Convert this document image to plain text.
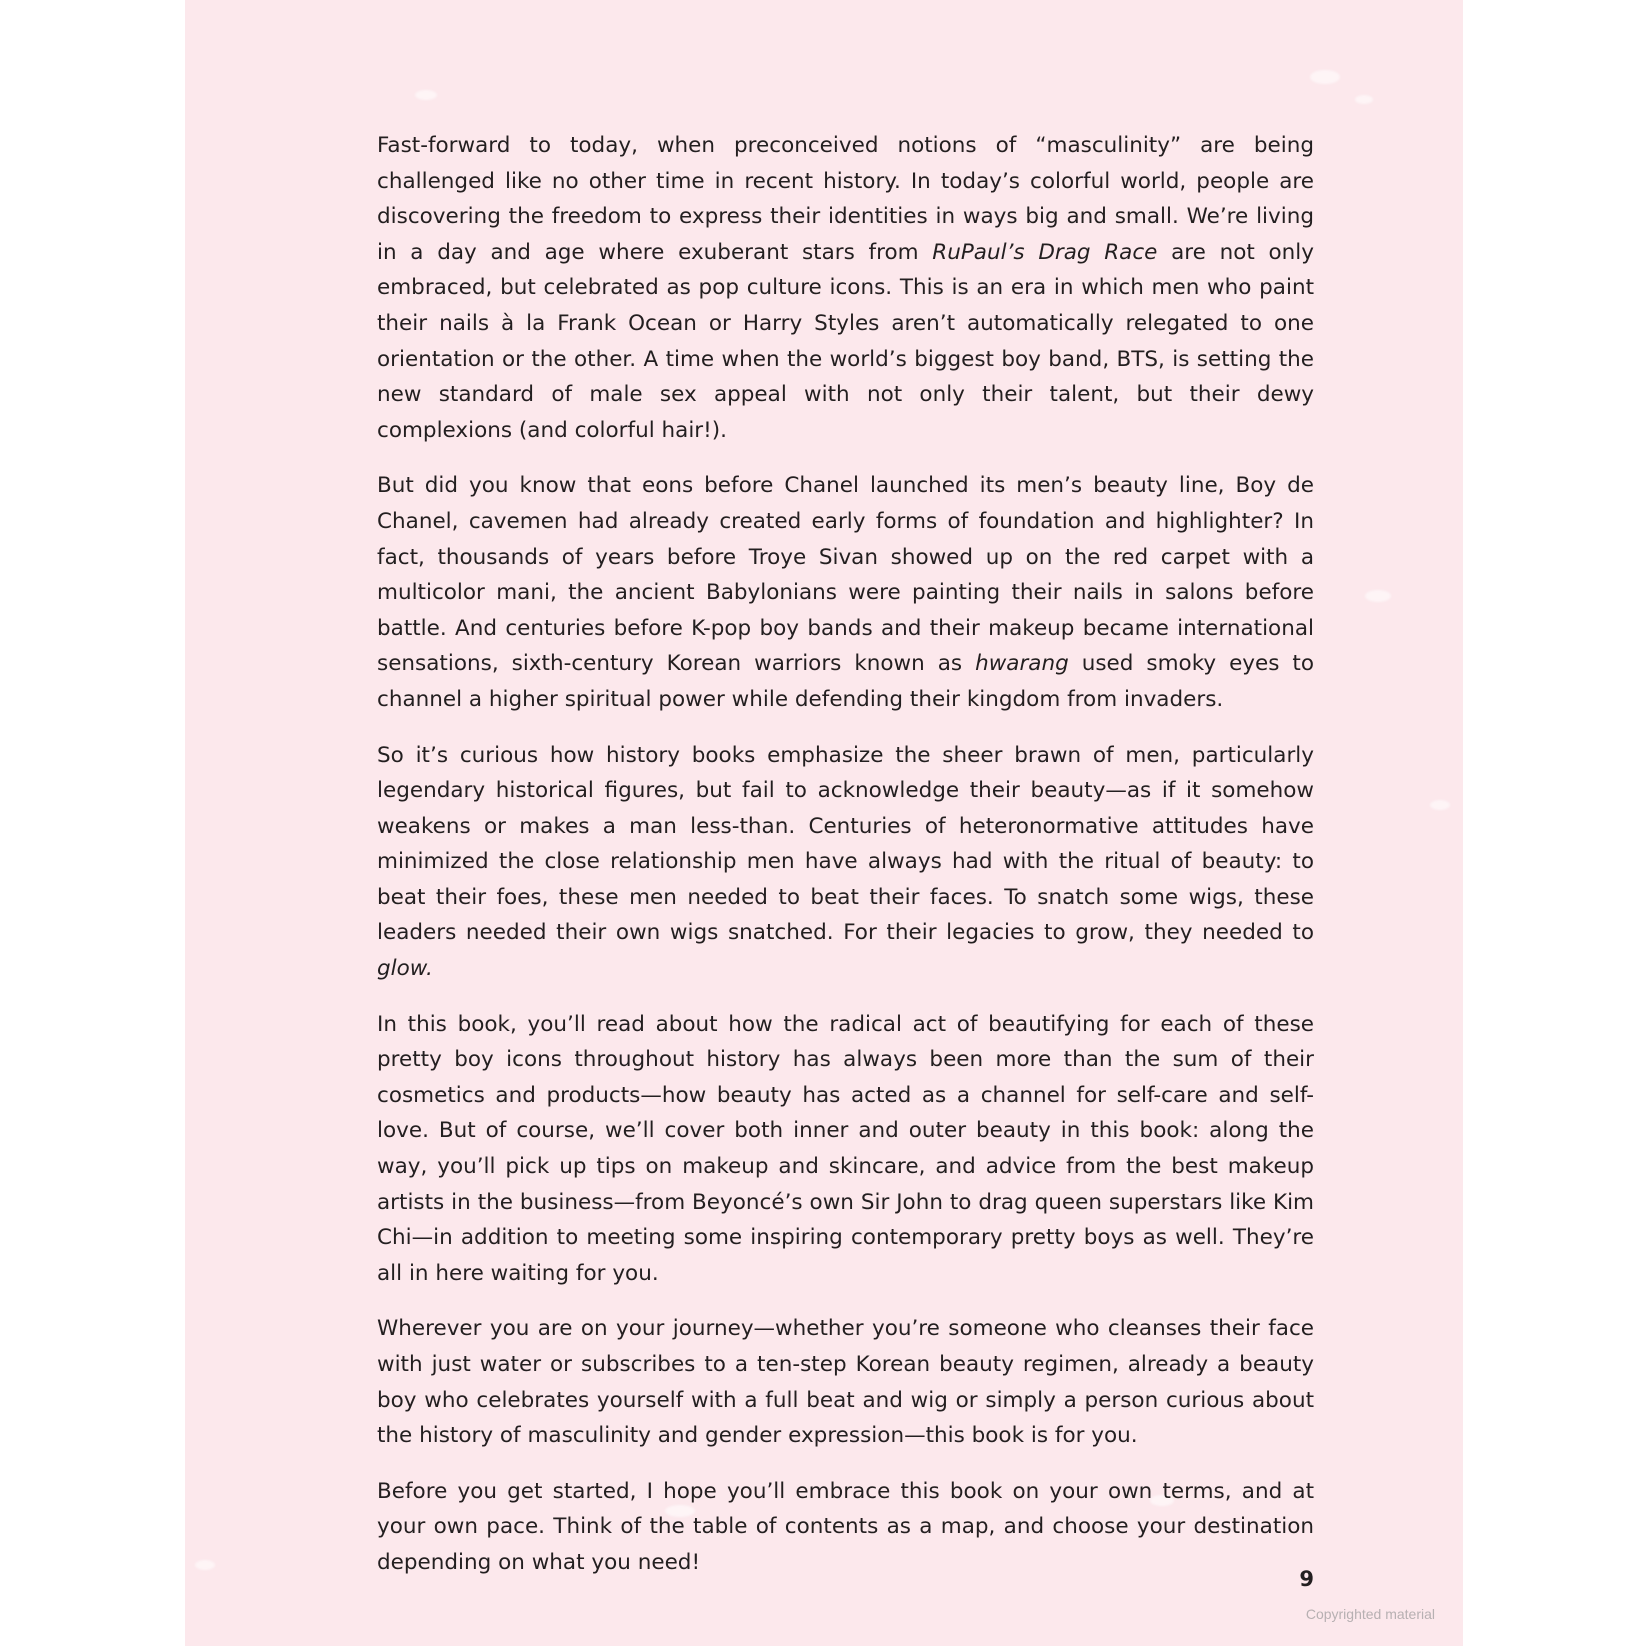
Fast-forward to today, when preconceived notions of “masculinity” are being challenged like no other time in recent history. In today’s colorful world, people are discovering the freedom to express their identities in ways big and small. We’re living in a day and age where exuberant stars from RuPaul’s Drag Race are not only embraced, but celebrated as pop culture icons. This is an era in which men who paint their nails à la Frank Ocean or Harry Styles aren’t automatically relegated to one orientation or the other. A time when the world’s biggest boy band, BTS, is setting the new standard of male sex appeal with not only their talent, but their dewy complexions (and colorful hair!).

But did you know that eons before Chanel launched its men’s beauty line, Boy de Chanel, cavemen had already created early forms of foundation and highlighter? In fact, thousands of years before Troye Sivan showed up on the red carpet with a multicolor mani, the ancient Babylonians were painting their nails in salons before battle. And centuries before K-pop boy bands and their makeup became international sensations, sixth-century Korean warriors known as hwarang used smoky eyes to channel a higher spiritual power while defending their kingdom from invaders.

So it’s curious how history books emphasize the sheer brawn of men, particularly legendary historical figures, but fail to acknowledge their beauty—as if it somehow weakens or makes a man less-than. Centuries of heteronormative attitudes have minimized the close relationship men have always had with the ritual of beauty: to beat their foes, these men needed to beat their faces. To snatch some wigs, these leaders needed their own wigs snatched. For their legacies to grow, they needed to glow.

In this book, you’ll read about how the radical act of beautifying for each of these pretty boy icons throughout history has always been more than the sum of their cosmetics and products—how beauty has acted as a channel for self-care and self-love. But of course, we’ll cover both inner and outer beauty in this book: along the way, you’ll pick up tips on makeup and skincare, and advice from the best makeup artists in the business—from Beyoncé’s own Sir John to drag queen superstars like Kim Chi—in addition to meeting some inspiring contemporary pretty boys as well. They’re all in here waiting for you.

Wherever you are on your journey—whether you’re someone who cleanses their face with just water or subscribes to a ten-step Korean beauty regimen, already a beauty boy who celebrates yourself with a full beat and wig or simply a person curious about the history of masculinity and gender expression—this book is for you.

Before you get started, I hope you’ll embrace this book on your own terms, and at your own pace. Think of the table of contents as a map, and choose your destination depending on what you need!

9
Copyrighted material
